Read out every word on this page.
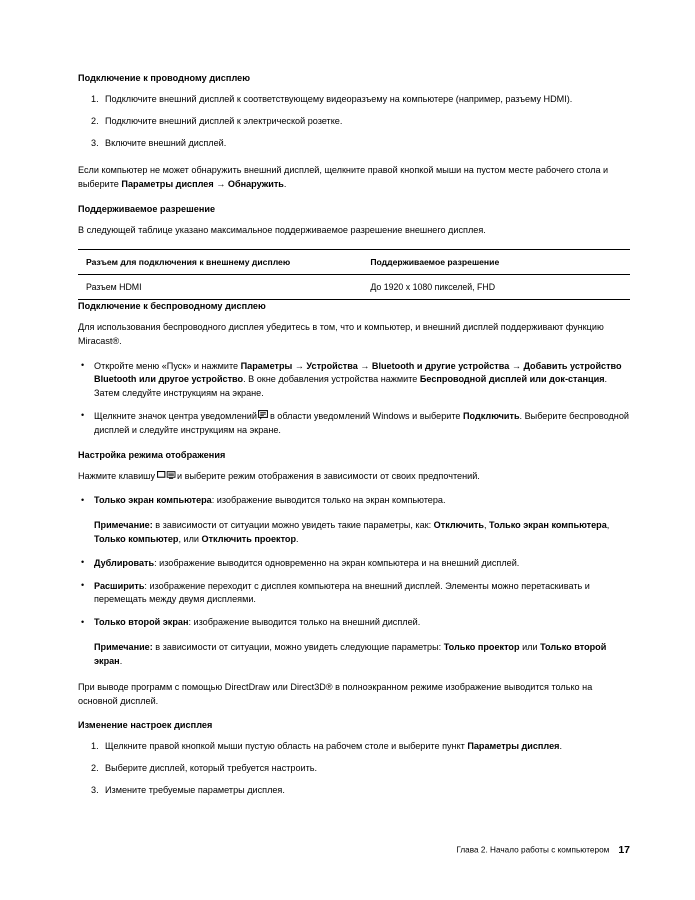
Подключение к проводному дисплею
Подключите внешний дисплей к соответствующему видеоразъему на компьютере (например, разъему HDMI).
Подключите внешний дисплей к электрической розетке.
Включите внешний дисплей.

Если компьютер не может обнаружить внешний дисплей, щелкните правой кнопкой мыши на пустом месте рабочего стола и выберите Параметры дисплея → Обнаружить.

Поддерживаемое разрешение

В следующей таблице указано максимальное поддерживаемое разрешение внешнего дисплея.

Разъем для подключения к внешнему дисплею	Поддерживаемое разрешение
Разъем HDMI	До 1920 x 1080 пикселей, FHD
Подключение к беспроводному дисплею

Для использования беспроводного дисплея убедитесь в том, что и компьютер, и внешний дисплей поддерживают функцию Miracast®.

• Откройте меню «Пуск» и нажмите Параметры → Устройства → Bluetooth и другие устройства → Добавить устройство Bluetooth или другое устройство. В окне добавления устройства нажмите Беспроводной дисплей или док-станция. Затем следуйте инструкциям на экране.
• Щелкните значок центра уведомлений в области уведомлений Windows и выберите Подключить. Выберите беспроводной дисплей и следуйте инструкциям на экране.
Настройка режима отображения

Нажмите клавишу и выберите режим отображения в зависимости от своих предпочтений.

• Только экран компьютера: изображение выводится только на экран компьютера.
Примечание: в зависимости от ситуации можно увидеть такие параметры, как: Отключить, Только экран компьютера, Только компьютер, или Отключить проектор.
• Дублировать: изображение выводится одновременно на экран компьютера и на внешний дисплей.
• Расширить: изображение переходит с дисплея компьютера на внешний дисплей. Элементы можно перетаскивать и перемещать между двумя дисплеями.
• Только второй экран: изображение выводится только на внешний дисплей.
Примечание: в зависимости от ситуации, можно увидеть следующие параметры: Только проектор или Только второй экран.

При выводе программ с помощью DirectDraw или Direct3D® в полноэкранном режиме изображение выводится только на основной дисплей.

Изменение настроек дисплея
Щелкните правой кнопкой мыши пустую область на рабочем столе и выберите пункт Параметры дисплея.
Выберите дисплей, который требуется настроить.
Измените требуемые параметры дисплея.
Глава 2. Начало работы с компьютером 17
